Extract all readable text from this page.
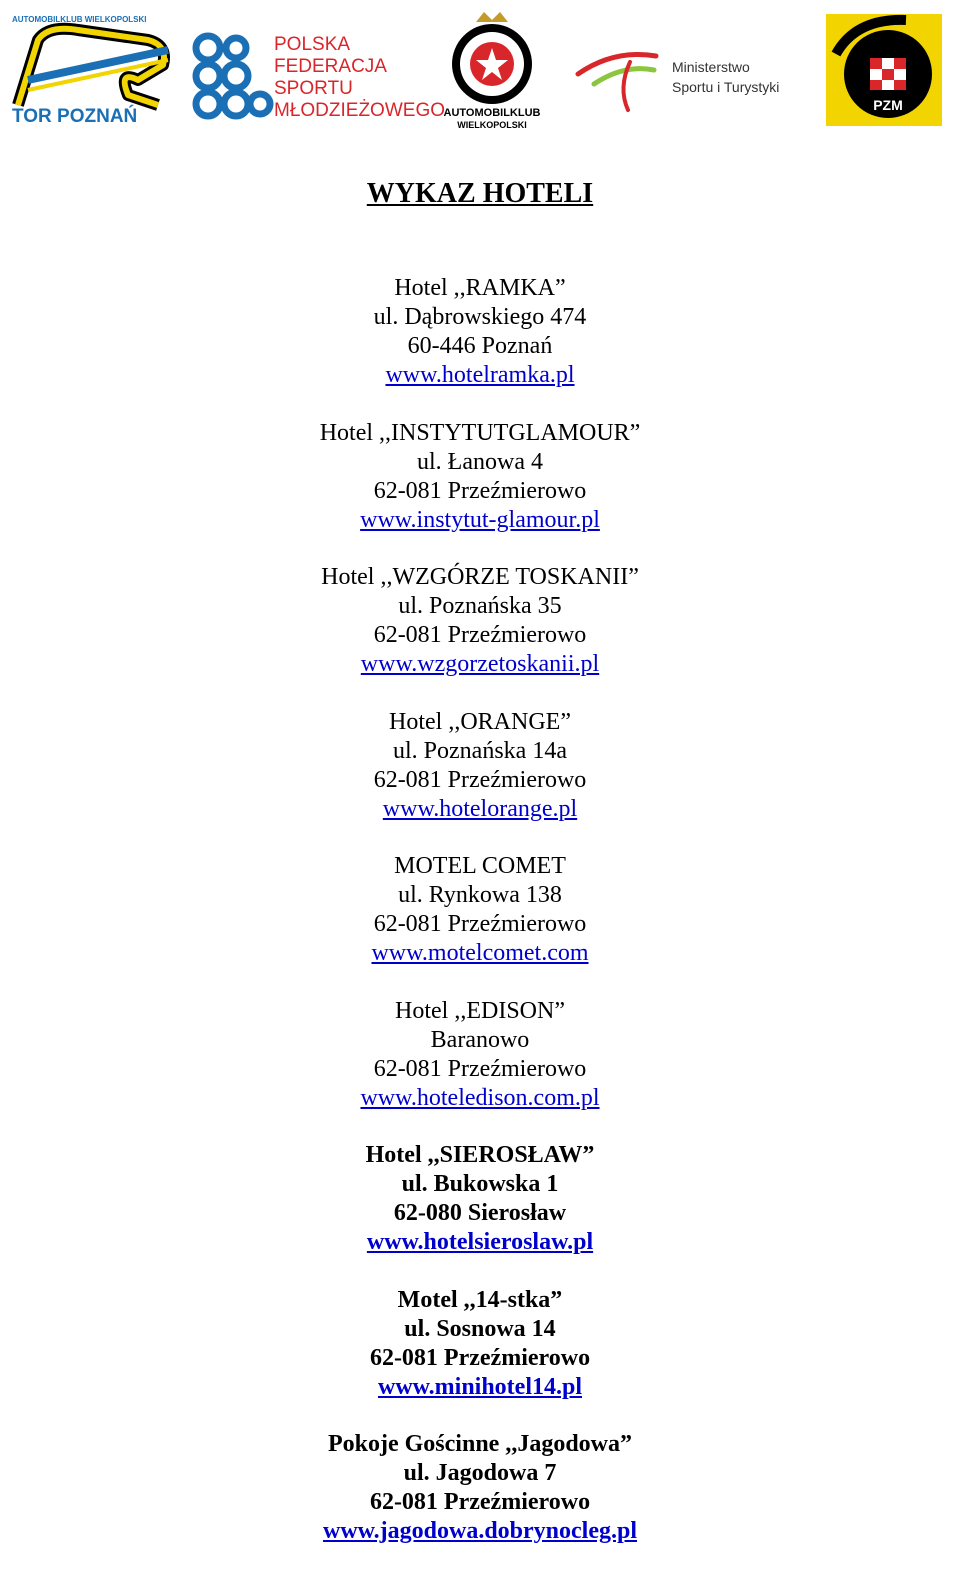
AUTOMOBILKLUB WIELKOPOLSKI
TOR POZNAŃ
POLSKA
FEDERACJA
SPORTU
MŁODZIEŻOWEGO
AUTOMOBILKLUB
WIELKOPOLSKI
Ministerstwo
Sportu i Turystyki
PZM
WYKAZ HOTELI
Hotel ,,RAMKA”
ul. Dąbrowskiego 474
60-446 Poznań
www.hotelramka.pl
Hotel ,,INSTYTUTGLAMOUR”
ul. Łanowa 4
62-081 Przeźmierowo
www.instytut-glamour.pl
Hotel ,,WZGÓRZE TOSKANII”
ul. Poznańska 35
62-081 Przeźmierowo
www.wzgorzetoskanii.pl
Hotel ,,ORANGE”
ul. Poznańska 14a
62-081 Przeźmierowo
www.hotelorange.pl
MOTEL COMET
ul. Rynkowa 138
62-081 Przeźmierowo
www.motelcomet.com
Hotel ,,EDISON”
Baranowo
62-081 Przeźmierowo
www.hoteledison.com.pl
Hotel ,,SIEROSŁAW”
ul. Bukowska 1
62-080 Sierosław
www.hotelsieroslaw.pl
Motel ,,14-stka”
ul. Sosnowa 14
62-081 Przeźmierowo
www.minihotel14.pl
Pokoje Gościnne ,,Jagodowa”
ul. Jagodowa 7
62-081 Przeźmierowo
www.jagodowa.dobrynocleg.pl
